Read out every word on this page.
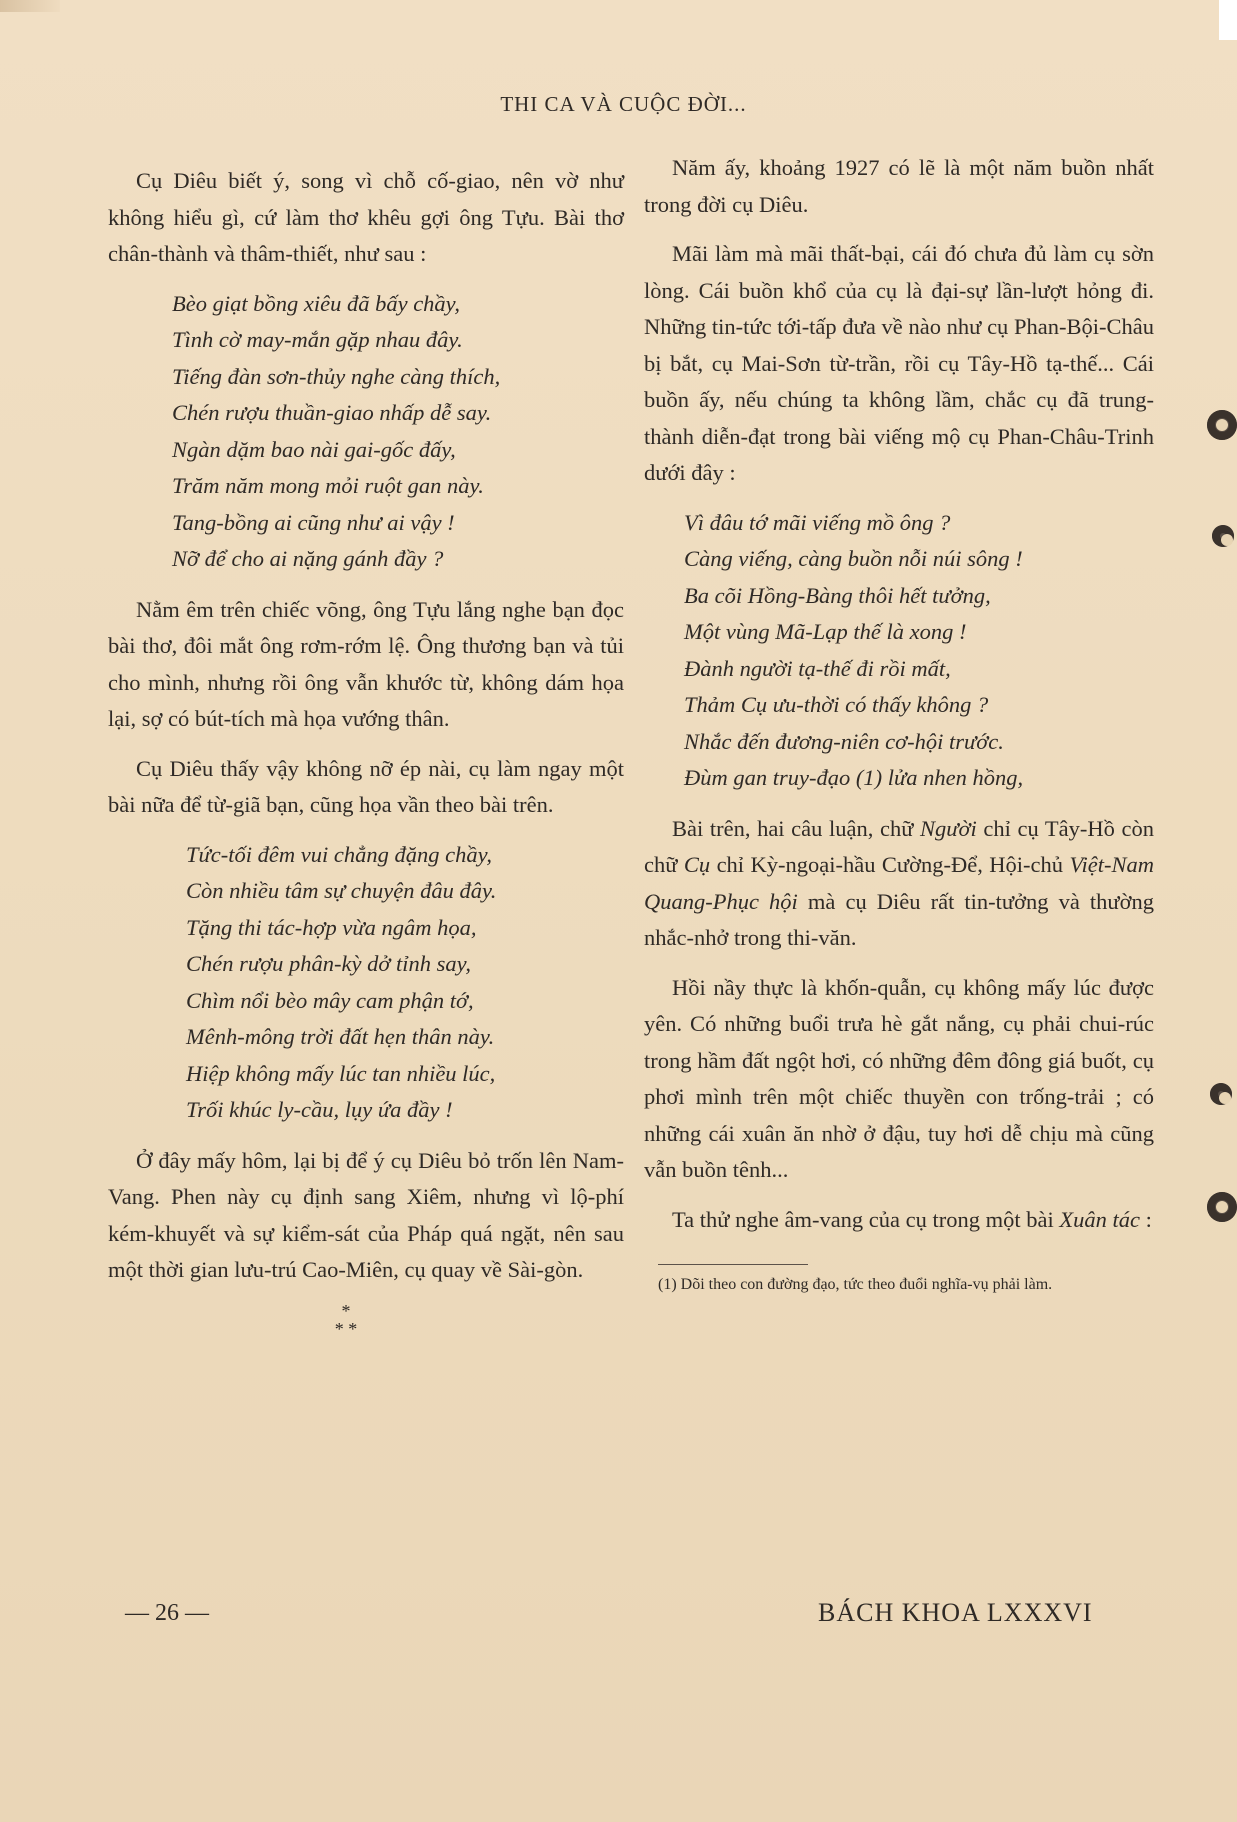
THI CA VÀ CUỘC ĐỜI...

Cụ Diêu biết ý, song vì chỗ cố-giao, nên vờ như không hiểu gì, cứ làm thơ khêu gợi ông Tựu. Bài thơ chân-thành và thâm-thiết, như sau :

Bèo giạt bồng xiêu đã bấy chầy,
Tình cờ may-mắn gặp nhau đây.
Tiếng đàn sơn-thủy nghe càng thích,
Chén rượu thuần-giao nhấp dễ say.
Ngàn dặm bao nài gai-gốc đấy,
Trăm năm mong mỏi ruột gan này.
Tang-bồng ai cũng như ai vậy !
Nỡ để cho ai nặng gánh đầy ?

Nằm êm trên chiếc võng, ông Tựu lắng nghe bạn đọc bài thơ, đôi mắt ông rơm-rớm lệ. Ông thương bạn và tủi cho mình, nhưng rồi ông vẫn khước từ, không dám họa lại, sợ có bút-tích mà họa vướng thân.

Cụ Diêu thấy vậy không nỡ ép nài, cụ làm ngay một bài nữa để từ-giã bạn, cũng họa vần theo bài trên.

Tức-tối đêm vui chẳng đặng chầy,
Còn nhiều tâm sự chuyện đâu đây.
Tặng thi tác-hợp vừa ngâm họa,
Chén rượu phân-kỳ dở tỉnh say,
Chìm nổi bèo mây cam phận tớ,
Mênh-mông trời đất hẹn thân này.
Hiệp không mấy lúc tan nhiều lúc,
Trối khúc ly-cầu, lụy ứa đầy !

Ở đây mấy hôm, lại bị để ý cụ Diêu bỏ trốn lên Nam-Vang. Phen này cụ định sang Xiêm, nhưng vì lộ-phí kém-khuyết và sự kiểm-sát của Pháp quá ngặt, nên sau một thời gian lưu-trú Cao-Miên, cụ quay về Sài-gòn.

*
* *

Năm ấy, khoảng 1927 có lẽ là một năm buồn nhất trong đời cụ Diêu.

Mãi làm mà mãi thất-bại, cái đó chưa đủ làm cụ sờn lòng. Cái buồn khổ của cụ là đại-sự lần-lượt hỏng đi. Những tin-tức tới-tấp đưa về nào như cụ Phan-Bội-Châu bị bắt, cụ Mai-Sơn từ-trần, rồi cụ Tây-Hồ tạ-thế... Cái buồn ấy, nếu chúng ta không lầm, chắc cụ đã trung-thành diễn-đạt trong bài viếng mộ cụ Phan-Châu-Trinh dưới đây :

Vì đâu tớ mãi viếng mồ ông ?
Càng viếng, càng buồn nỗi núi sông !
Ba cõi Hồng-Bàng thôi hết tưởng,
Một vùng Mã-Lạp thế là xong !
Đành người tạ-thế đi rồi mất,
Thảm Cụ ưu-thời có thấy không ?
Nhắc đến đương-niên cơ-hội trước.
Đùm gan truy-đạo (1) lửa nhen hồng,

Bài trên, hai câu luận, chữ Người chỉ cụ Tây-Hồ còn chữ Cụ chỉ Kỳ-ngoại-hầu Cường-Để, Hội-chủ Việt-Nam Quang-Phục hội mà cụ Diêu rất tin-tưởng và thường nhắc-nhở trong thi-văn.

Hồi nầy thực là khốn-quẫn, cụ không mấy lúc được yên. Có những buổi trưa hè gắt nắng, cụ phải chui-rúc trong hầm đất ngột hơi, có những đêm đông giá buốt, cụ phơi mình trên một chiếc thuyền con trống-trải ; có những cái xuân ăn nhờ ở đậu, tuy hơi dễ chịu mà cũng vẫn buồn tênh...

Ta thử nghe âm-vang của cụ trong một bài Xuân tác :

(1) Dõi theo con đường đạo, tức theo đuổi nghĩa-vụ phải làm.

— 26 —	BÁCH KHOA LXXXVI
